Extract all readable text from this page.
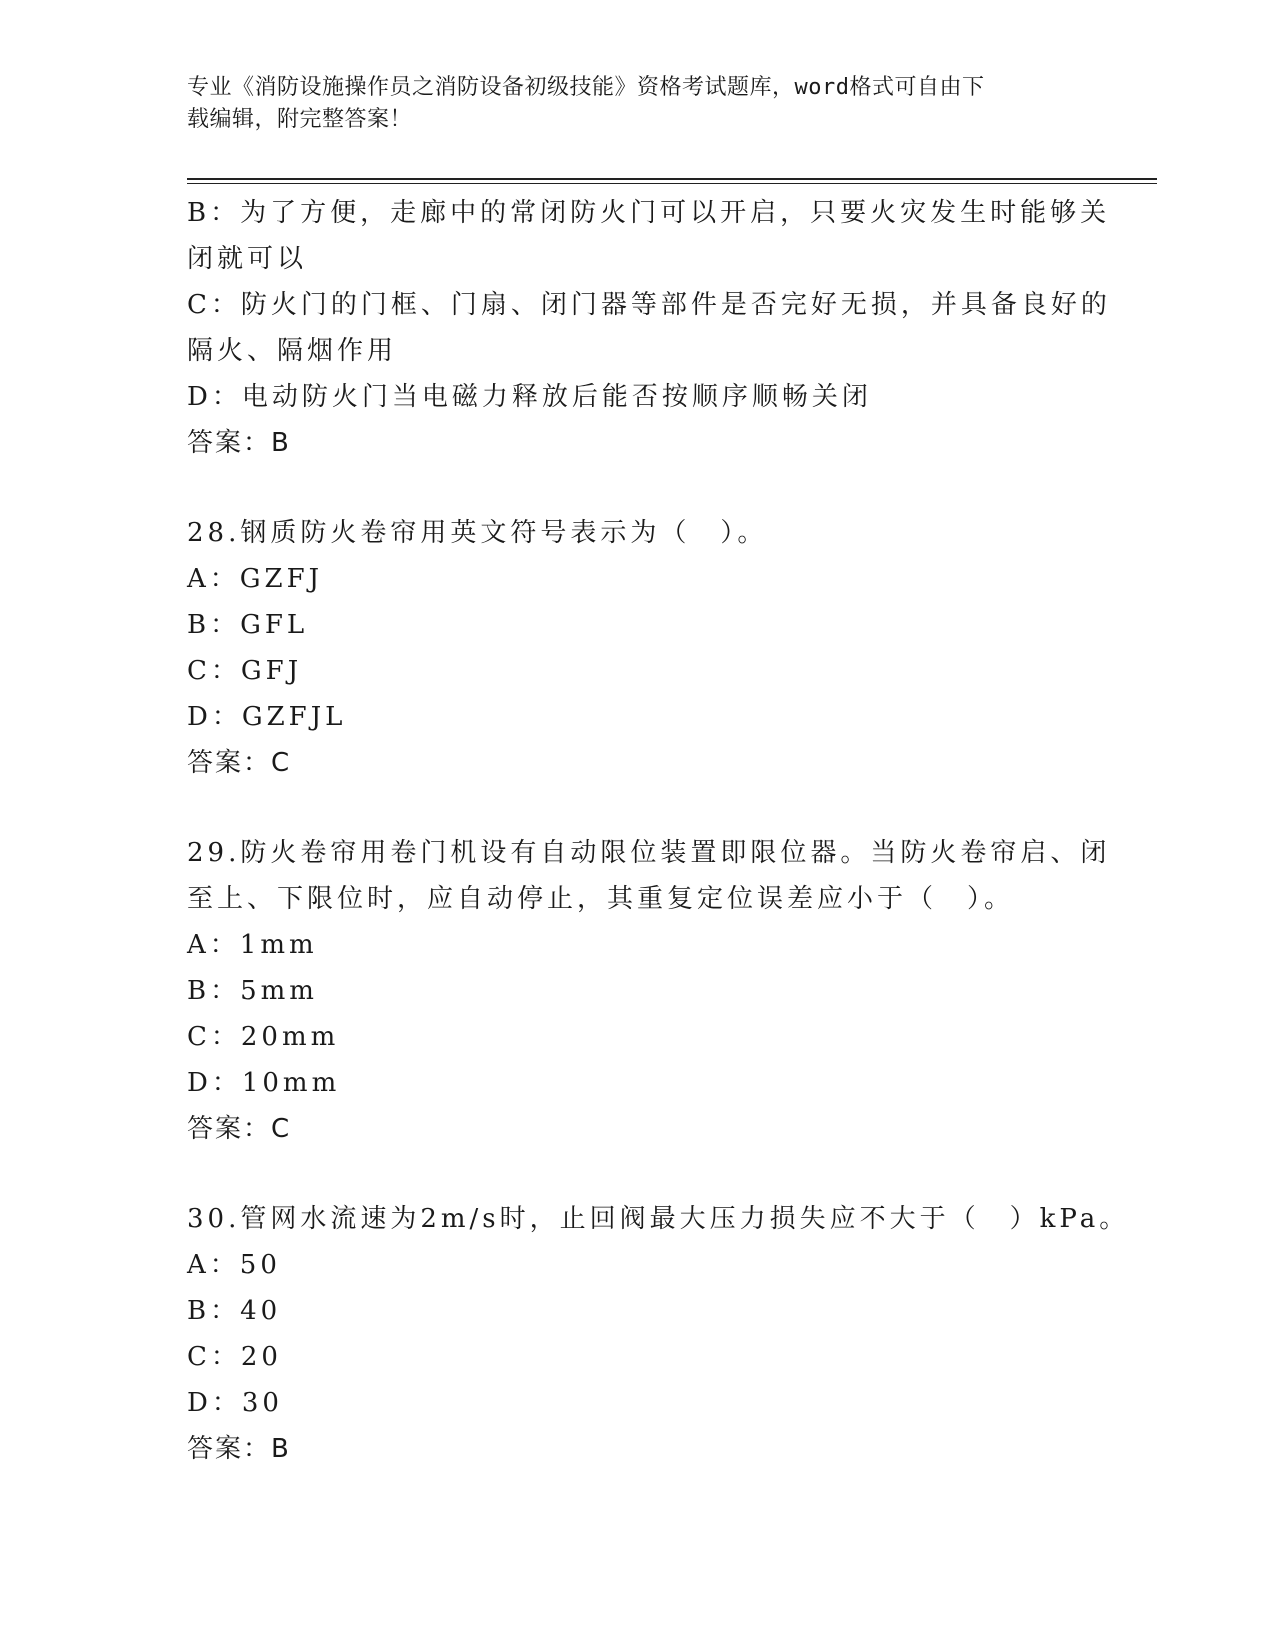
专业《消防设施操作员之消防设备初级技能》资格考试题库，word格式可自由下
载编辑，附完整答案！
B：为了方便，走廊中的常闭防火门可以开启，只要火灾发生时能够关
闭就可以
C：防火门的门框、门扇、闭门器等部件是否完好无损，并具备良好的
隔火、隔烟作用
D：电动防火门当电磁力释放后能否按顺序顺畅关闭
答案：B
28.钢质防火卷帘用英文符号表示为（　）。
A：GZFJ
B：GFL
C：GFJ
D：GZFJL
答案：C
29.防火卷帘用卷门机设有自动限位装置即限位器。当防火卷帘启、闭
至上、下限位时，应自动停止，其重复定位误差应小于（　）。
A：1mm
B：5mm
C：20mm
D：10mm
答案：C
30.管网水流速为2m/s时，止回阀最大压力损失应不大于（　）kPa。
A：50
B：40
C：20
D：30
答案：B
